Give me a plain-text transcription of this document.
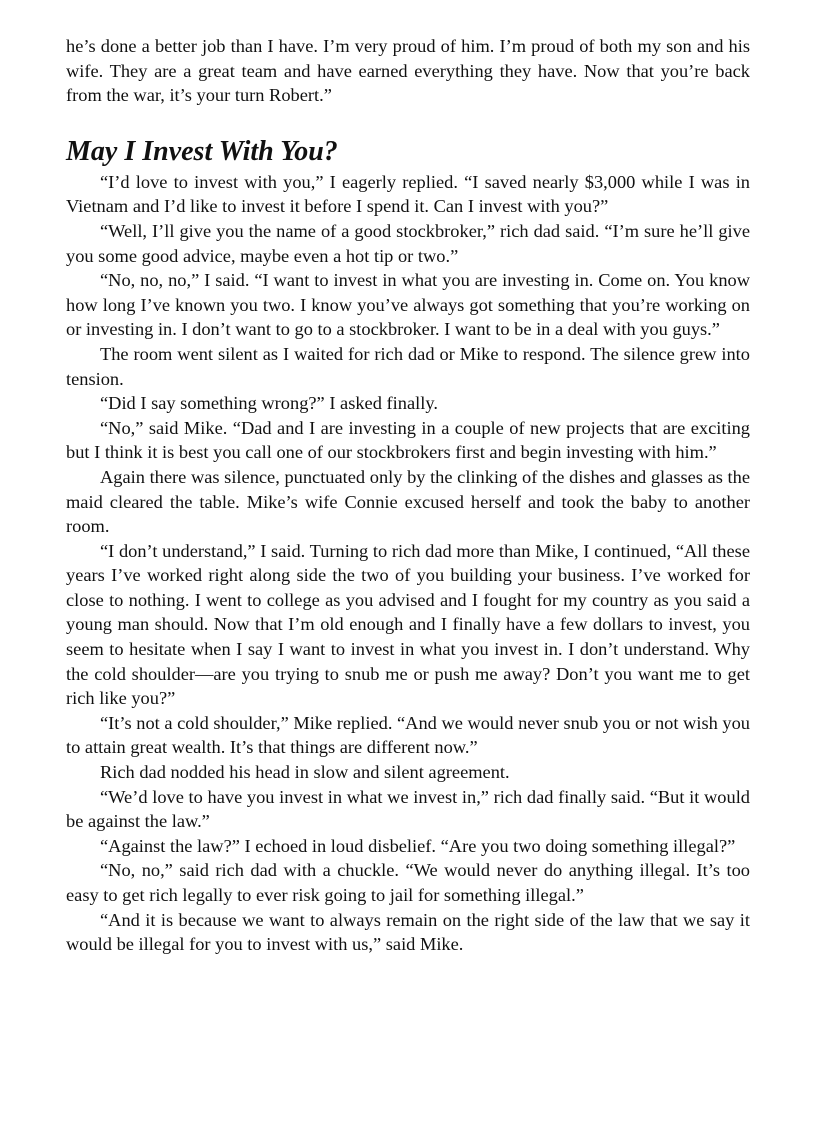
he’s done a better job than I have. I’m very proud of him. I’m proud of both my son and his wife. They are a great team and have earned everything they have. Now that you’re back from the war, it’s your turn Robert.”

May I Invest With You?

“I’d love to invest with you,” I eagerly replied. “I saved nearly $3,000 while I was in Vietnam and I’d like to invest it before I spend it. Can I invest with you?”

“Well, I’ll give you the name of a good stockbroker,” rich dad said. “I’m sure he’ll give you some good advice, maybe even a hot tip or two.”

“No, no, no,” I said. “I want to invest in what you are investing in. Come on. You know how long I’ve known you two. I know you’ve always got something that you’re working on or investing in. I don’t want to go to a stockbroker. I want to be in a deal with you guys.”

The room went silent as I waited for rich dad or Mike to respond. The silence grew into tension.

“Did I say something wrong?” I asked finally.

“No,” said Mike. “Dad and I are investing in a couple of new projects that are exciting but I think it is best you call one of our stockbrokers first and begin investing with him.”

Again there was silence, punctuated only by the clinking of the dishes and glasses as the maid cleared the table. Mike’s wife Connie excused herself and took the baby to another room.

“I don’t understand,” I said. Turning to rich dad more than Mike, I continued, “All these years I’ve worked right along side the two of you building your business. I’ve worked for close to nothing. I went to college as you advised and I fought for my country as you said a young man should. Now that I’m old enough and I finally have a few dollars to invest, you seem to hesitate when I say I want to invest in what you invest in. I don’t understand. Why the cold shoulder—are you trying to snub me or push me away? Don’t you want me to get rich like you?”

“It’s not a cold shoulder,” Mike replied. “And we would never snub you or not wish you to attain great wealth. It’s that things are different now.”

Rich dad nodded his head in slow and silent agreement.

“We’d love to have you invest in what we invest in,” rich dad finally said. “But it would be against the law.”

“Against the law?” I echoed in loud disbelief. “Are you two doing something illegal?”

“No, no,” said rich dad with a chuckle. “We would never do anything illegal. It’s too easy to get rich legally to ever risk going to jail for something illegal.”

“And it is because we want to always remain on the right side of the law that we say it would be illegal for you to invest with us,” said Mike.
